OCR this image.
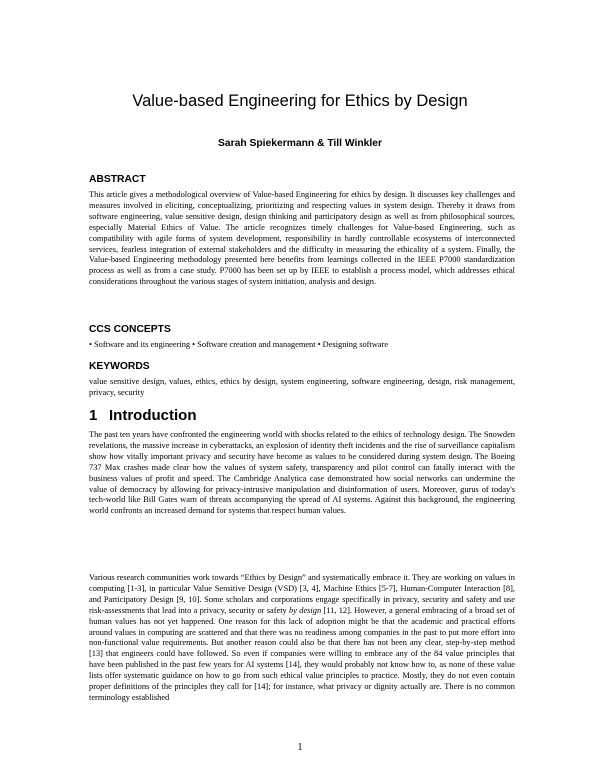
Value-based Engineering for Ethics by Design

Sarah Spiekermann & Till Winkler

ABSTRACT

This article gives a methodological overview of Value-based Engineering for ethics by design. It discusses key challenges and measures involved in eliciting, conceptualizing, prioritizing and respecting values in system design. Thereby it draws from software engineering, value sensitive design, design thinking and participatory design as well as from philosophical sources, especially Material Ethics of Value. The article recognizes timely challenges for Value-based Engineering, such as compatibility with agile forms of system development, responsibility in hardly controllable ecosystems of interconnected services, fearless integration of external stakeholders and the difficulty in measuring the ethicality of a system. Finally, the Value-based Engineering methodology presented here benefits from learnings collected in the IEEE P7000 standardization process as well as from a case study. P7000 has been set up by IEEE to establish a process model, which addresses ethical considerations throughout the various stages of system initiation, analysis and design.

CCS CONCEPTS

• Software and its engineering • Software creation and management • Designing software

KEYWORDS

value sensitive design, values, ethics, ethics by design, system engineering, software engineering, design, risk management, privacy, security

1 Introduction

The past ten years have confronted the engineering world with shocks related to the ethics of technology design. The Snowden revelations, the massive increase in cyberattacks, an explosion of identity theft incidents and the rise of surveillance capitalism show how vitally important privacy and security have become as values to be considered during system design. The Boeing 737 Max crashes made clear how the values of system safety, transparency and pilot control can fatally interact with the business values of profit and speed. The Cambridge Analytica case demonstrated how social networks can undermine the value of democracy by allowing for privacy-intrusive manipulation and disinformation of users. Moreover, gurus of today's tech-world like Bill Gates warn of threats accompanying the spread of AI systems. Against this background, the engineering world confronts an increased demand for systems that respect human values.

Various research communities work towards “Ethics by Design” and systematically embrace it. They are working on values in computing [1-3], in particular Value Sensitive Design (VSD) [3, 4], Machine Ethics [5-7], Human-Computer Interaction [8], and Participatory Design [9, 10]. Some scholars and corporations engage specifically in privacy, security and safety and use risk-assessments that lead into a privacy, security or safety by design [11, 12]. However, a general embracing of a broad set of human values has not yet happened. One reason for this lack of adoption might be that the academic and practical efforts around values in computing are scattered and that there was no readiness among companies in the past to put more effort into non-functional value requirements. But another reason could also be that there has not been any clear, step-by-step method [13] that engineers could have followed. So even if companies were willing to embrace any of the 84 value principles that have been published in the past few years for AI systems [14], they would probably not know how to, as none of these value lists offer systematic guidance on how to go from such ethical value principles to practice. Mostly, they do not even contain proper definitions of the principles they call for [14]; for instance, what privacy or dignity actually are. There is no common terminology established

1
